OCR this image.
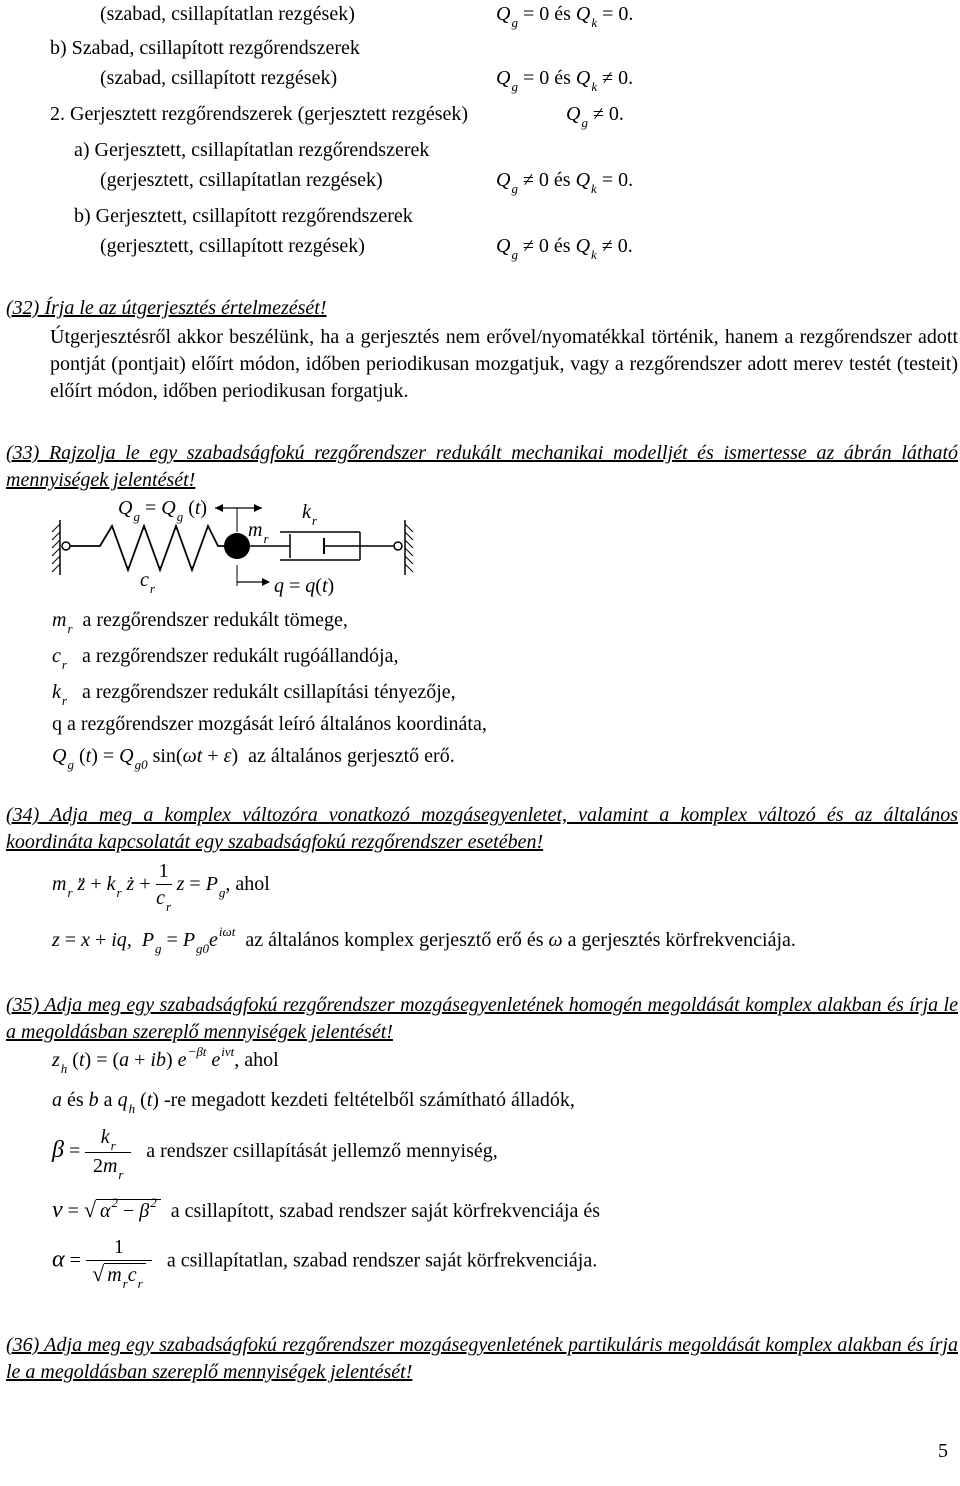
(szabad, csillapítatlan rezgések)	$Q_g = 0$ és $Q_k = 0$.
b) Szabad, csillapított rezgőrendszerek
(szabad, csillapított rezgések)	$Q_g = 0$ és $Q_k \ne 0$.
2. Gerjesztett rezgőrendszerek (gerjesztett rezgések)	$Q_g \ne 0$.
a) Gerjesztett, csillapítatlan rezgőrendszerek
(gerjesztett, csillapítatlan rezgések)	$Q_g \ne 0$ és $Q_k = 0$.
b) Gerjesztett, csillapított rezgőrendszerek
(gerjesztett, csillapított rezgések)	$Q_g \ne 0$ és $Q_k \ne 0$.
(32) Írja le az útgerjesztés értelmezését!
Útgerjesztésről akkor beszélünk, ha a gerjesztés nem erővel/nyomatékkal történik, hanem a rezgőrendszer adott pontját (pontjait) előírt módon, időben periodikusan mozgatjuk, vagy a rezgőrendszer adott merev testét (testeit) előírt módon, időben periodikusan forgatjuk.
(33) Rajzolja le egy szabadságfokú rezgőrendszer redukált mechanikai modelljét és ismertesse az ábrán látható mennyiségek jelentését!
$Q_g = Q_g$ (t)
$m_r$
$k_r$
$c_r$	q = q(t)
$m_r$ a rezgőrendszer redukált tömege,
$c_r$ a rezgőrendszer redukált rugóállandója,
$k_r$ a rezgőrendszer redukált csillapítási tényezője,
q a rezgőrendszer mozgását leíró általános koordináta,
$Q_g$ $(t) = Q_{g0}$ sin(ωt + ε)  az általános gerjesztő erő.
(34) Adja meg a komplex változóra vonatkozó mozgásegyenletet, valamint a komplex változó és az általános koordináta kapcsolatát egy szabadságfokú rezgőrendszer esetében!
$m_r$ z̈ + $k_r$ ż + $\frac{1}{c_r}$ $z = P_g$, ahol
z = x + iq,  $P_g = P_{g0}e^{i\omega t}$ az általános komplex gerjesztő erő és ω a gerjesztés körfrekvenciája.
(35) Adja meg egy szabadságfokú rezgőrendszer mozgásegyenletének homogén megoldását komplex alakban és írja le a megoldásban szereplő mennyiségek jelentését!
$z_h$ (t) = (a + ib) $e^{-\beta t}$ $e^{i\nu t}$, ahol
a és b a $q_h$ (t) -re megadott kezdeti feltételből számítható álladók,
$\beta = \frac{k_r}{2m_r}$ a rendszer csillapítását jellemző mennyiség,
ν = √ $\alpha^2 - \beta^2$ a csillapított, szabad rendszer saját körfrekvenciája és
$\alpha = \frac{1}{√ m_rc_r}$ a csillapítatlan, szabad rendszer saját körfrekvenciája.
(36) Adja meg egy szabadságfokú rezgőrendszer mozgásegyenletének partikuláris megoldását komplex alakban és írja le a megoldásban szereplő mennyiségek jelentését!
5
